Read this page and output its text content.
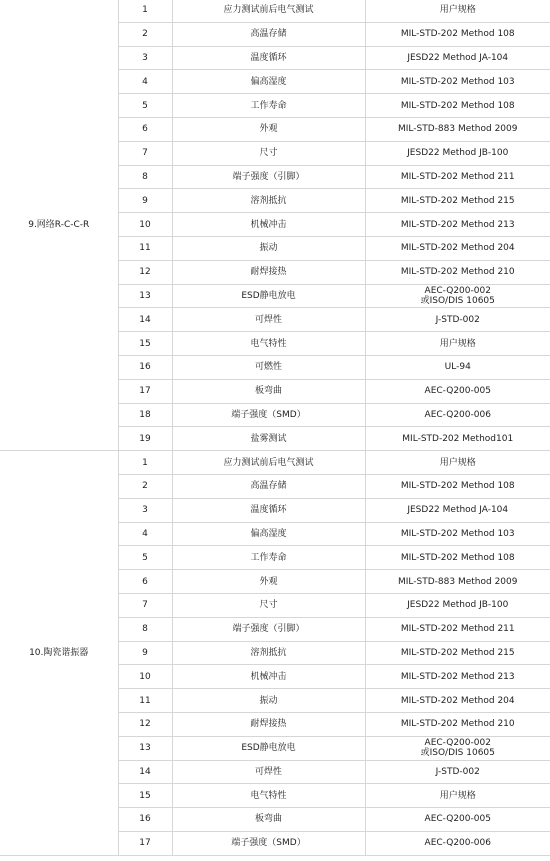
9.网络R-C-C-R	1	应力测试前后电气测试	用户规格

	2	高温存储	MIL-STD-202 Method 108

	3	温度循环	JESD22 Method JA-104

	4	偏高湿度	MIL-STD-202 Method 103

	5	工作寿命	MIL-STD-202 Method 108

	6	外观	MIL-STD-883 Method 2009

	7	尺寸	JESD22 Method JB-100

	8	端子强度（引脚）	MIL-STD-202 Method 211

	9	溶剂抵抗	MIL-STD-202 Method 215

	10	机械冲击	MIL-STD-202 Method 213

	11	振动	MIL-STD-202 Method 204

	12	耐焊接热	MIL-STD-202 Method 210

	13	ESD静电放电	AEC-Q200-002
或ISO/DIS 10605

	14	可焊性	J-STD-002

	15	电气特性	用户规格

	16	可燃性	UL-94

	17	板弯曲	AEC-Q200-005

	18	端子强度（SMD）	AEC-Q200-006

	19	盐雾测试	MIL-STD-202 Method101

10.陶瓷谐振器	1	应力测试前后电气测试	用户规格

	2	高温存储	MIL-STD-202 Method 108

	3	温度循环	JESD22 Method JA-104

	4	偏高湿度	MIL-STD-202 Method 103

	5	工作寿命	MIL-STD-202 Method 108

	6	外观	MIL-STD-883 Method 2009

	7	尺寸	JESD22 Method JB-100

	8	端子强度（引脚）	MIL-STD-202 Method 211

	9	溶剂抵抗	MIL-STD-202 Method 215

	10	机械冲击	MIL-STD-202 Method 213

	11	振动	MIL-STD-202 Method 204

	12	耐焊接热	MIL-STD-202 Method 210

	13	ESD静电放电	AEC-Q200-002
或ISO/DIS 10605

	14	可焊性	J-STD-002

	15	电气特性	用户规格

	16	板弯曲	AEC-Q200-005

	17	端子强度（SMD）	AEC-Q200-006
